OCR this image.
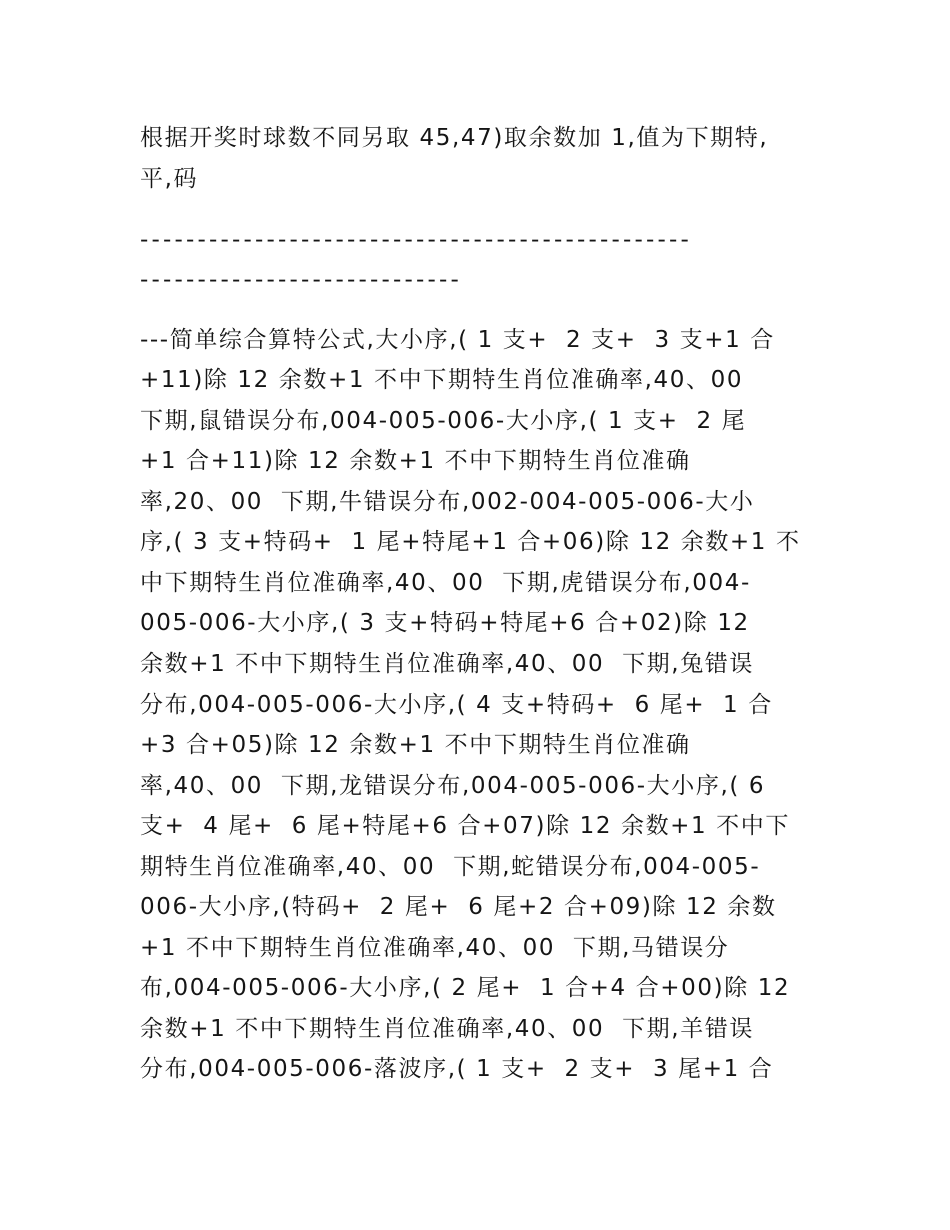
根据开奖时球数不同另取 45,47)取余数加 1,值为下期特,
平,码
------------------------------------------------
----------------------------
---简单综合算特公式,大小序,( 1 支+  2 支+  3 支+1 合
+11)除 12 余数+1 不中下期特生肖位准确率,40、00
下期,鼠错误分布,004-005-006-大小序,( 1 支+  2 尾
+1 合+11)除 12 余数+1 不中下期特生肖位准确
率,20、00  下期,牛错误分布,002-004-005-006-大小
序,( 3 支+特码+  1 尾+特尾+1 合+06)除 12 余数+1 不
中下期特生肖位准确率,40、00  下期,虎错误分布,004-
005-006-大小序,( 3 支+特码+特尾+6 合+02)除 12
余数+1 不中下期特生肖位准确率,40、00  下期,兔错误
分布,004-005-006-大小序,( 4 支+特码+  6 尾+  1 合
+3 合+05)除 12 余数+1 不中下期特生肖位准确
率,40、00  下期,龙错误分布,004-005-006-大小序,( 6
支+  4 尾+  6 尾+特尾+6 合+07)除 12 余数+1 不中下
期特生肖位准确率,40、00  下期,蛇错误分布,004-005-
006-大小序,(特码+  2 尾+  6 尾+2 合+09)除 12 余数
+1 不中下期特生肖位准确率,40、00  下期,马错误分
布,004-005-006-大小序,( 2 尾+  1 合+4 合+00)除 12
余数+1 不中下期特生肖位准确率,40、00  下期,羊错误
分布,004-005-006-落波序,( 1 支+  2 支+  3 尾+1 合
